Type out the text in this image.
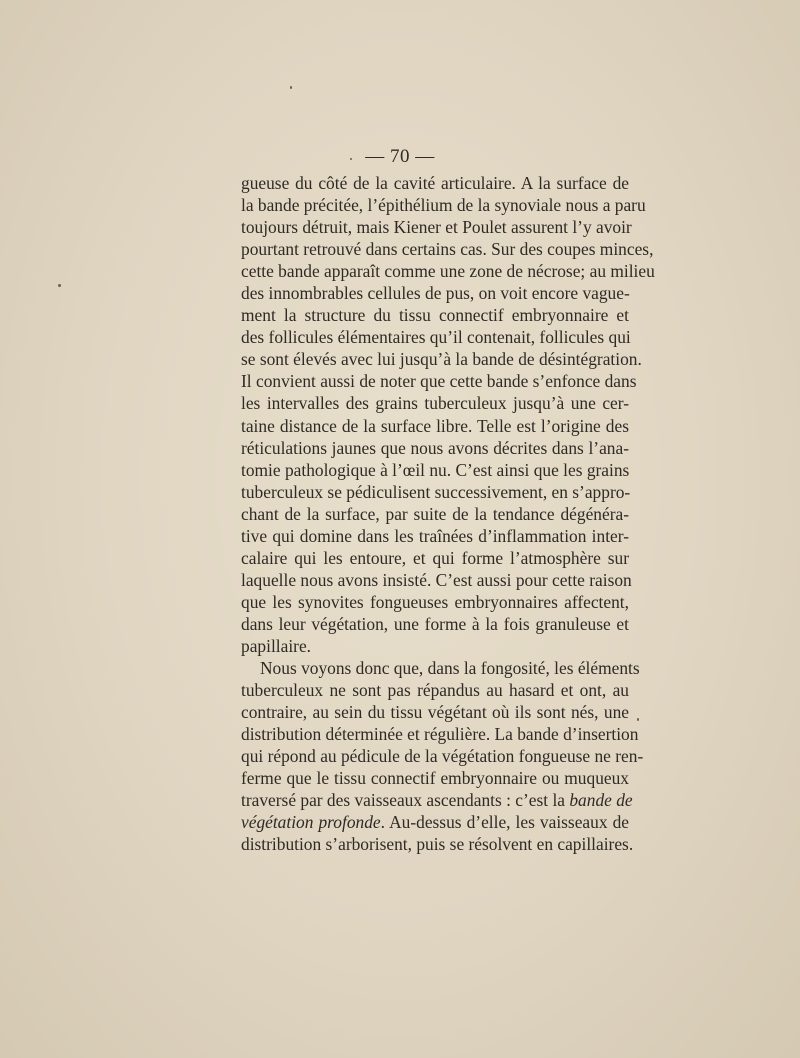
— 70 —
gueuse du côté de la cavité articulaire. A la surface de
la bande précitée, l’épithélium de la synoviale nous a paru
toujours détruit, mais Kiener et Poulet assurent l’y avoir
pourtant retrouvé dans certains cas. Sur des coupes minces,
cette bande apparaît comme une zone de nécrose; au milieu
des innombrables cellules de pus, on voit encore vague-
ment la structure du tissu connectif embryonnaire et
des follicules élémentaires qu’il contenait, follicules qui
se sont élevés avec lui jusqu’à la bande de désintégration.
Il convient aussi de noter que cette bande s’enfonce dans
les intervalles des grains tuberculeux jusqu’à une cer-
taine distance de la surface libre. Telle est l’origine des
réticulations jaunes que nous avons décrites dans l’ana-
tomie pathologique à l’œil nu. C’est ainsi que les grains
tuberculeux se pédiculisent successivement, en s’appro-
chant de la surface, par suite de la tendance dégénéra-
tive qui domine dans les traînées d’inflammation inter-
calaire qui les entoure, et qui forme l’atmosphère sur
laquelle nous avons insisté. C’est aussi pour cette raison
que les synovites fongueuses embryonnaires affectent,
dans leur végétation, une forme à la fois granuleuse et
papillaire.
Nous voyons donc que, dans la fongosité, les éléments
tuberculeux ne sont pas répandus au hasard et ont, au
contraire, au sein du tissu végétant où ils sont nés, une
distribution déterminée et régulière. La bande d’insertion
qui répond au pédicule de la végétation fongueuse ne ren-
ferme que le tissu connectif embryonnaire ou muqueux
traversé par des vaisseaux ascendants : c’est la bande de
végétation profonde. Au-dessus d’elle, les vaisseaux de
distribution s’arborisent, puis se résolvent en capillaires.
